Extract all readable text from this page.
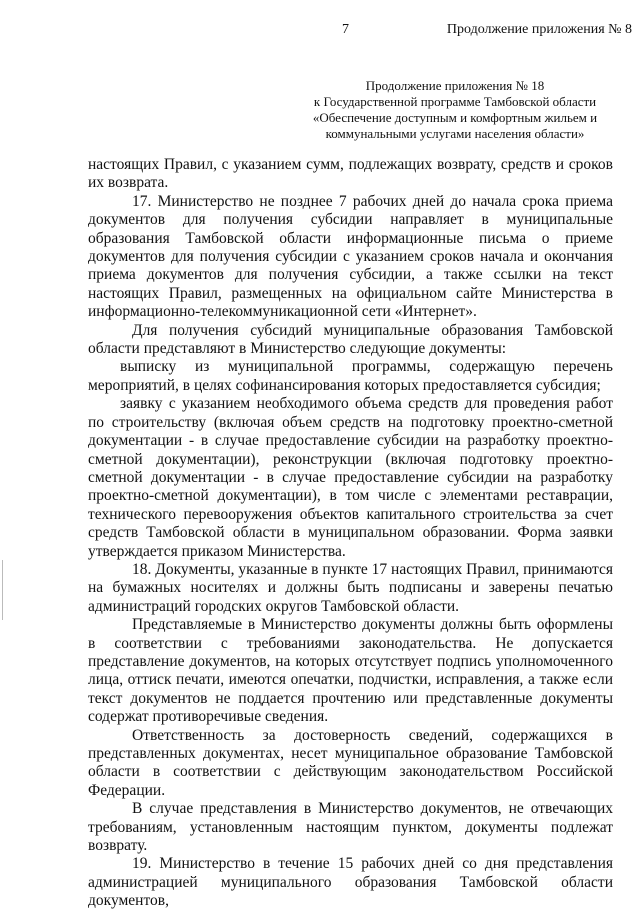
7	Продолжение приложения № 8
Продолжение приложения № 18
к Государственной программе Тамбовской области
«Обеспечение доступным и комфортным жильем и
коммунальными услугами населения области»

настоящих Правил, с указанием сумм, подлежащих возврату, средств и сроков их возврата.

17. Министерство не позднее 7 рабочих дней до начала срока приема документов для получения субсидии направляет в муниципальные образования Тамбовской области информационные письма о приеме документов для получения субсидии с указанием сроков начала и окончания приема документов для получения субсидии, а также ссылки на текст настоящих Правил, размещенных на официальном сайте Министерства в информационно-телекоммуникационной сети «Интернет».

Для получения субсидий муниципальные образования Тамбовской области представляют в Министерство следующие документы:

выписку из муниципальной программы, содержащую перечень мероприятий, в целях софинансирования которых предоставляется субсидия;

заявку с указанием необходимого объема средств для проведения работ по строительству (включая объем средств на подготовку проектно-сметной документации - в случае предоставление субсидии на разработку проектно-сметной документации), реконструкции (включая подготовку проектно-сметной документации - в случае предоставление субсидии на разработку проектно-сметной документации), в том числе с элементами реставрации, технического перевооружения объектов капитального строительства за счет средств Тамбовской области в муниципальном образовании. Форма заявки утверждается приказом Министерства.

18. Документы, указанные в пункте 17 настоящих Правил, принимаются на бумажных носителях и должны быть подписаны и заверены печатью администраций городских округов Тамбовской области.

Представляемые в Министерство документы должны быть оформлены в соответствии с требованиями законодательства. Не допускается представление документов, на которых отсутствует подпись уполномоченного лица, оттиск печати, имеются опечатки, подчистки, исправления, а также если текст документов не поддается прочтению или представленные документы содержат противоречивые сведения.

Ответственность за достоверность сведений, содержащихся в представленных документах, несет муниципальное образование Тамбовской области в соответствии с действующим законодательством Российской Федерации.

В случае представления в Министерство документов, не отвечающих требованиям, установленным настоящим пунктом, документы подлежат возврату.

19. Министерство в течение 15 рабочих дней со дня представления администрацией муниципального образования Тамбовской области документов,
